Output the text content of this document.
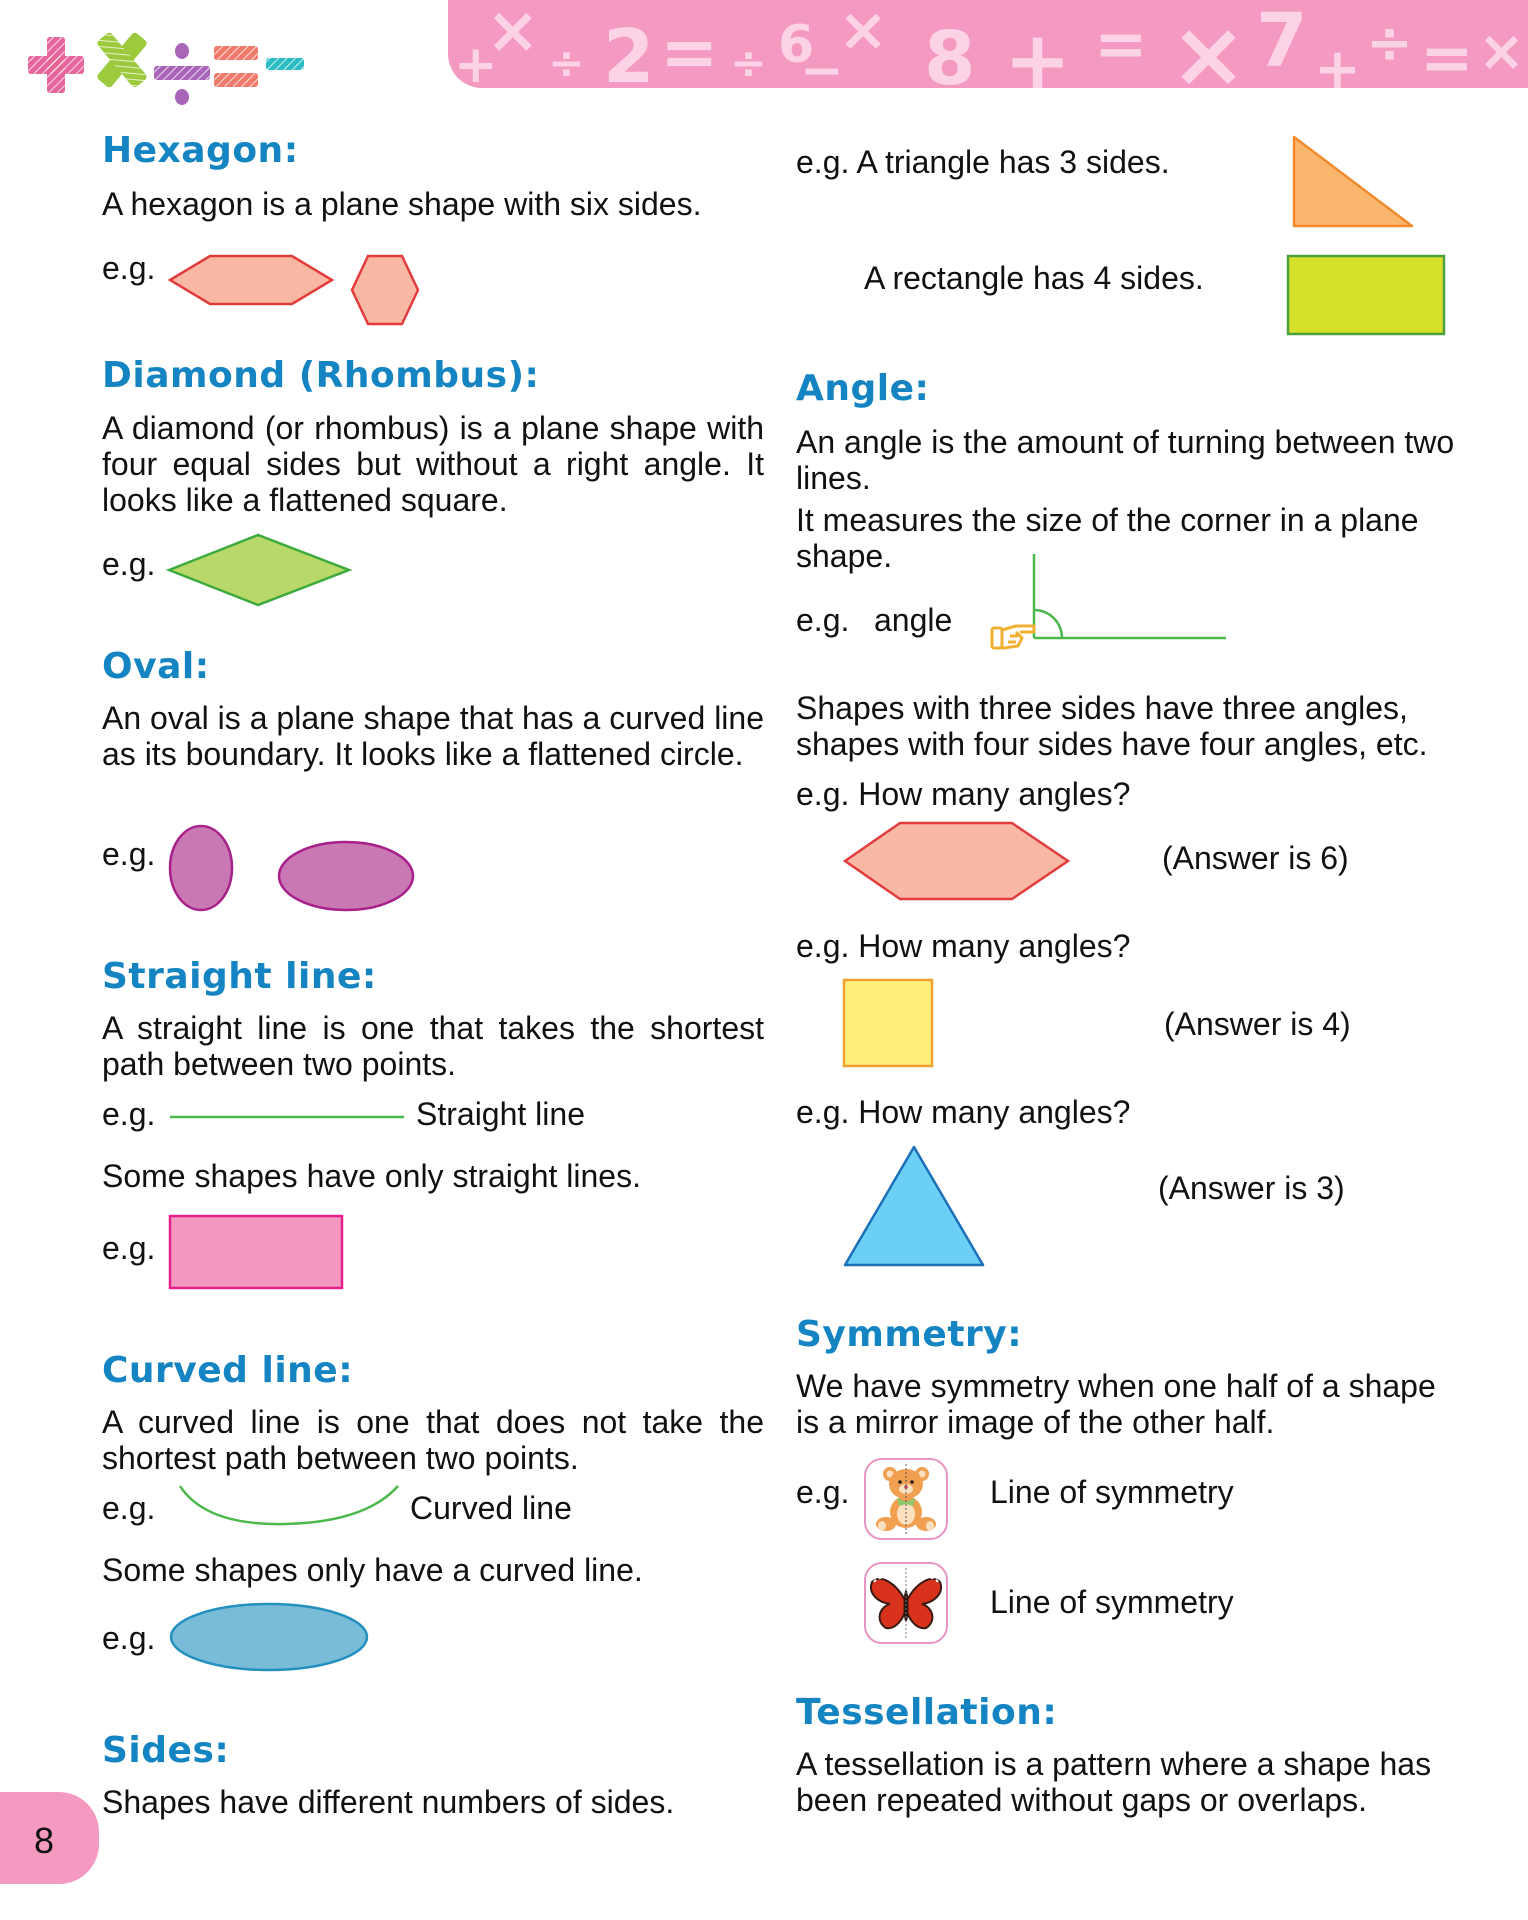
+
× ÷ 2 = ÷ 6
−
× 8 + = × 7 + ÷ = ×
Hexagon:
A hexagon is a plane shape with six sides.
e.g.
Diamond (Rhombus):
A diamond (or rhombus) is a plane shape with four equal sides but without a right angle. It looks like a flattened square.
e.g.
Oval:
An oval is a plane shape that has a curved line as its boundary. It looks like a flattened circle.
e.g.
Straight line:
A straight line is one that takes the shortest path between two points.
e.g.	Straight line
Some shapes have only straight lines.
e.g.
Curved line:
A curved line is one that does not take the shortest path between two points.
e.g.	Curved line
Some shapes only have a curved line.
e.g.
Sides:
Shapes have different numbers of sides.
e.g. A triangle has 3 sides.
A rectangle has 4 sides.
Angle:
An angle is the amount of turning between two lines.
It measures the size of the corner in a plane shape.
e.g. angle
Shapes with three sides have three angles, shapes with four sides have four angles, etc.
e.g. How many angles?
(Answer is 6)
e.g. How many angles?
(Answer is 4)
e.g. How many angles?
(Answer is 3)
Symmetry:
We have symmetry when one half of a shape is a mirror image of the other half.
e.g.	Line of symmetry
Line of symmetry
Tessellation:
A tessellation is a pattern where a shape has been repeated without gaps or overlaps.
8
